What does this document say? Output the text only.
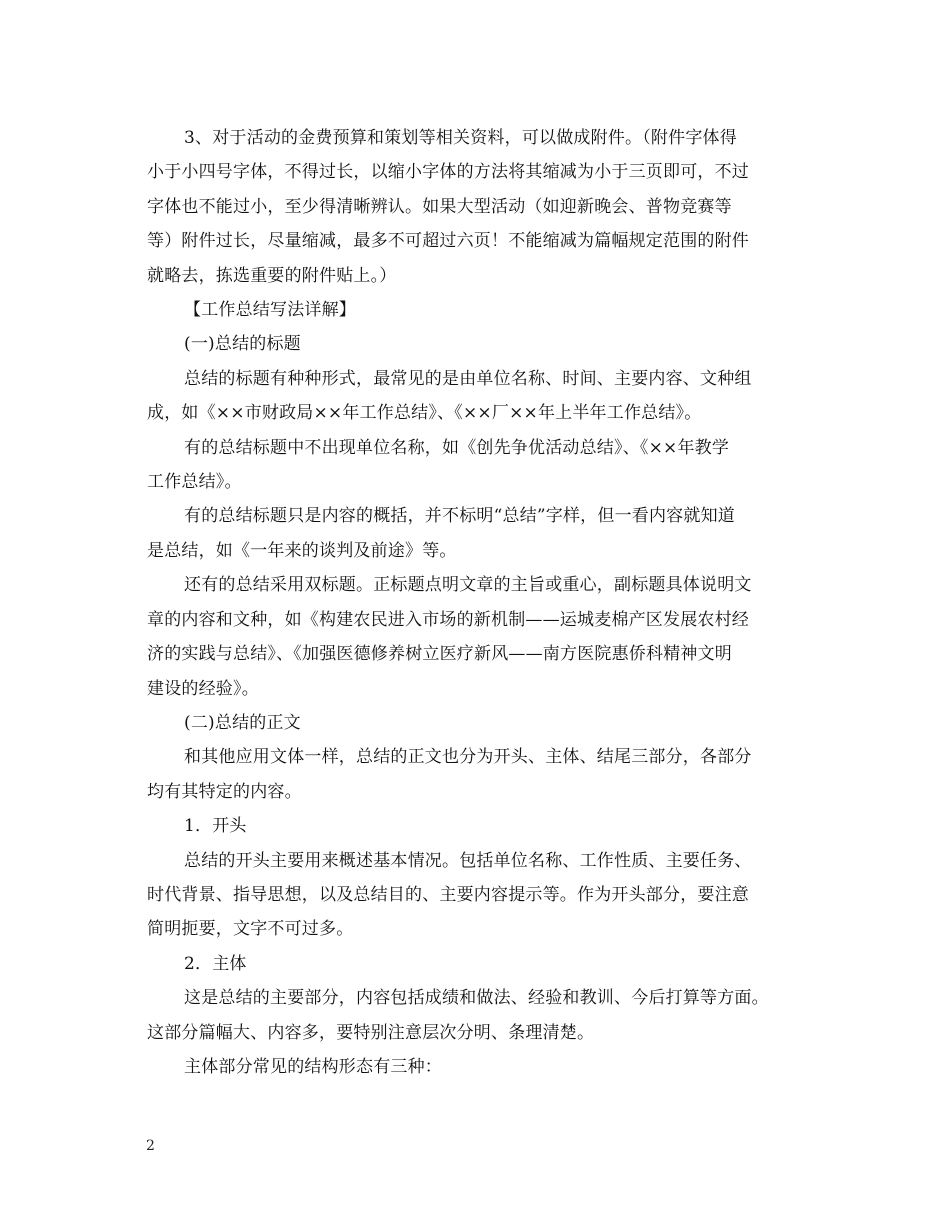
3、对于活动的金费预算和策划等相关资料，可以做成附件。（附件字体得
小于小四号字体，不得过长，以缩小字体的方法将其缩减为小于三页即可，不过
字体也不能过小，至少得清晰辨认。如果大型活动（如迎新晚会、普物竞赛等
等）附件过长，尽量缩减，最多不可超过六页！不能缩减为篇幅规定范围的附件
就略去，拣选重要的附件贴上。）

【工作总结写法详解】

(一)总结的标题

总结的标题有种种形式，最常见的是由单位名称、时间、主要内容、文种组
成，如《××市财政局××年工作总结》、《××厂××年上半年工作总结》。

有的总结标题中不出现单位名称，如《创先争优活动总结》、《××年教学
工作总结》。

有的总结标题只是内容的概括，并不标明“总结”字样，但一看内容就知道
是总结，如《一年来的谈判及前途》等。

还有的总结采用双标题。正标题点明文章的主旨或重心，副标题具体说明文
章的内容和文种，如《构建农民进入市场的新机制——运城麦棉产区发展农村经
济的实践与总结》、《加强医德修养树立医疗新风——南方医院惠侨科精神文明
建设的经验》。

(二)总结的正文

和其他应用文体一样，总结的正文也分为开头、主体、结尾三部分，各部分
均有其特定的内容。

1．开头

总结的开头主要用来概述基本情况。包括单位名称、工作性质、主要任务、
时代背景、指导思想，以及总结目的、主要内容提示等。作为开头部分，要注意
简明扼要，文字不可过多。

2．主体

这是总结的主要部分，内容包括成绩和做法、经验和教训、今后打算等方面。
这部分篇幅大、内容多，要特别注意层次分明、条理清楚。

主体部分常见的结构形态有三种：

2
